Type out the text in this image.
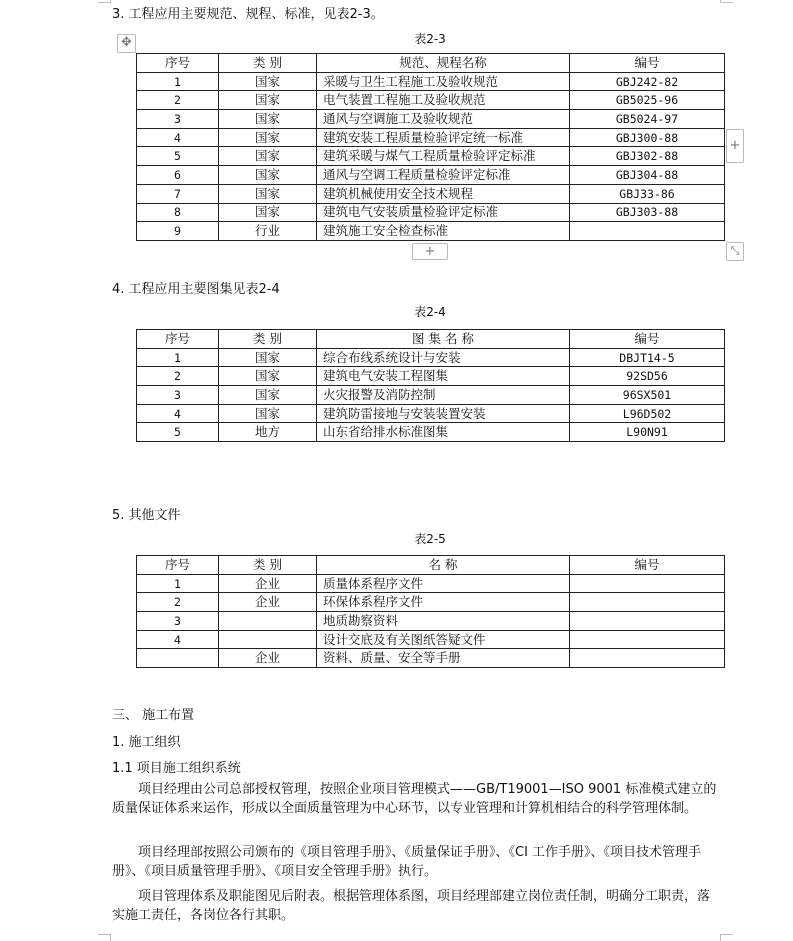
3. 工程应用主要规范、规程、标准，见表2-3。
✥	表2-3
序号	类 别	规范、规程名称	编号
1	国家	采暖与卫生工程施工及验收规范	GBJ242-82
2	国家	电气装置工程施工及验收规范	GB5025-96
3	国家	通风与空调施工及验收规范	GB5024-97
4	国家	建筑安装工程质量检验评定统一标准	GBJ300-88
5	国家	建筑采暖与煤气工程质量检验评定标准	GBJ302-88
6	国家	通风与空调工程质量检验评定标准	GBJ304-88
7	国家	建筑机械使用安全技术规程	GBJ33-86
8	国家	建筑电气安装质量检验评定标准	GBJ303-88
9	行业	建筑施工安全检查标准	
+
+	⤡
4. 工程应用主要图集见表2-4
表2-4
序号	类 别	图 集 名 称	编号
1	国家	综合布线系统设计与安装	DBJT14-5
2	国家	建筑电气安装工程图集	92SD56
3	国家	火灾报警及消防控制	96SX501
4	国家	建筑防雷接地与安装装置安装	L96D502
5	地方	山东省给排水标准图集	L90N91
5. 其他文件
表2-5
序号	类 别	名 称	编号
1	企业	质量体系程序文件	
2	企业	环保体系程序文件	
3		地质勘察资料	
4		设计交底及有关图纸答疑文件	
	企业	资料、质量、安全等手册	
三、 施工布置
1. 施工组织
1.1 项目施工组织系统

项目经理由公司总部授权管理，按照企业项目管理模式——GB/T19001—ISO 9001 标准模式建立的质量保证体系来运作，形成以全面质量管理为中心环节，以专业管理和计算机相结合的科学管理体制。

项目经理部按照公司颁布的《项目管理手册》、《质量保证手册》、《CI 工作手册》、《项目技术管理手册》、《项目质量管理手册》、《项目安全管理手册》执行。

项目管理体系及职能图见后附表。根据管理体系图，项目经理部建立岗位责任制，明确分工职责，落实施工责任，各岗位各行其职。
